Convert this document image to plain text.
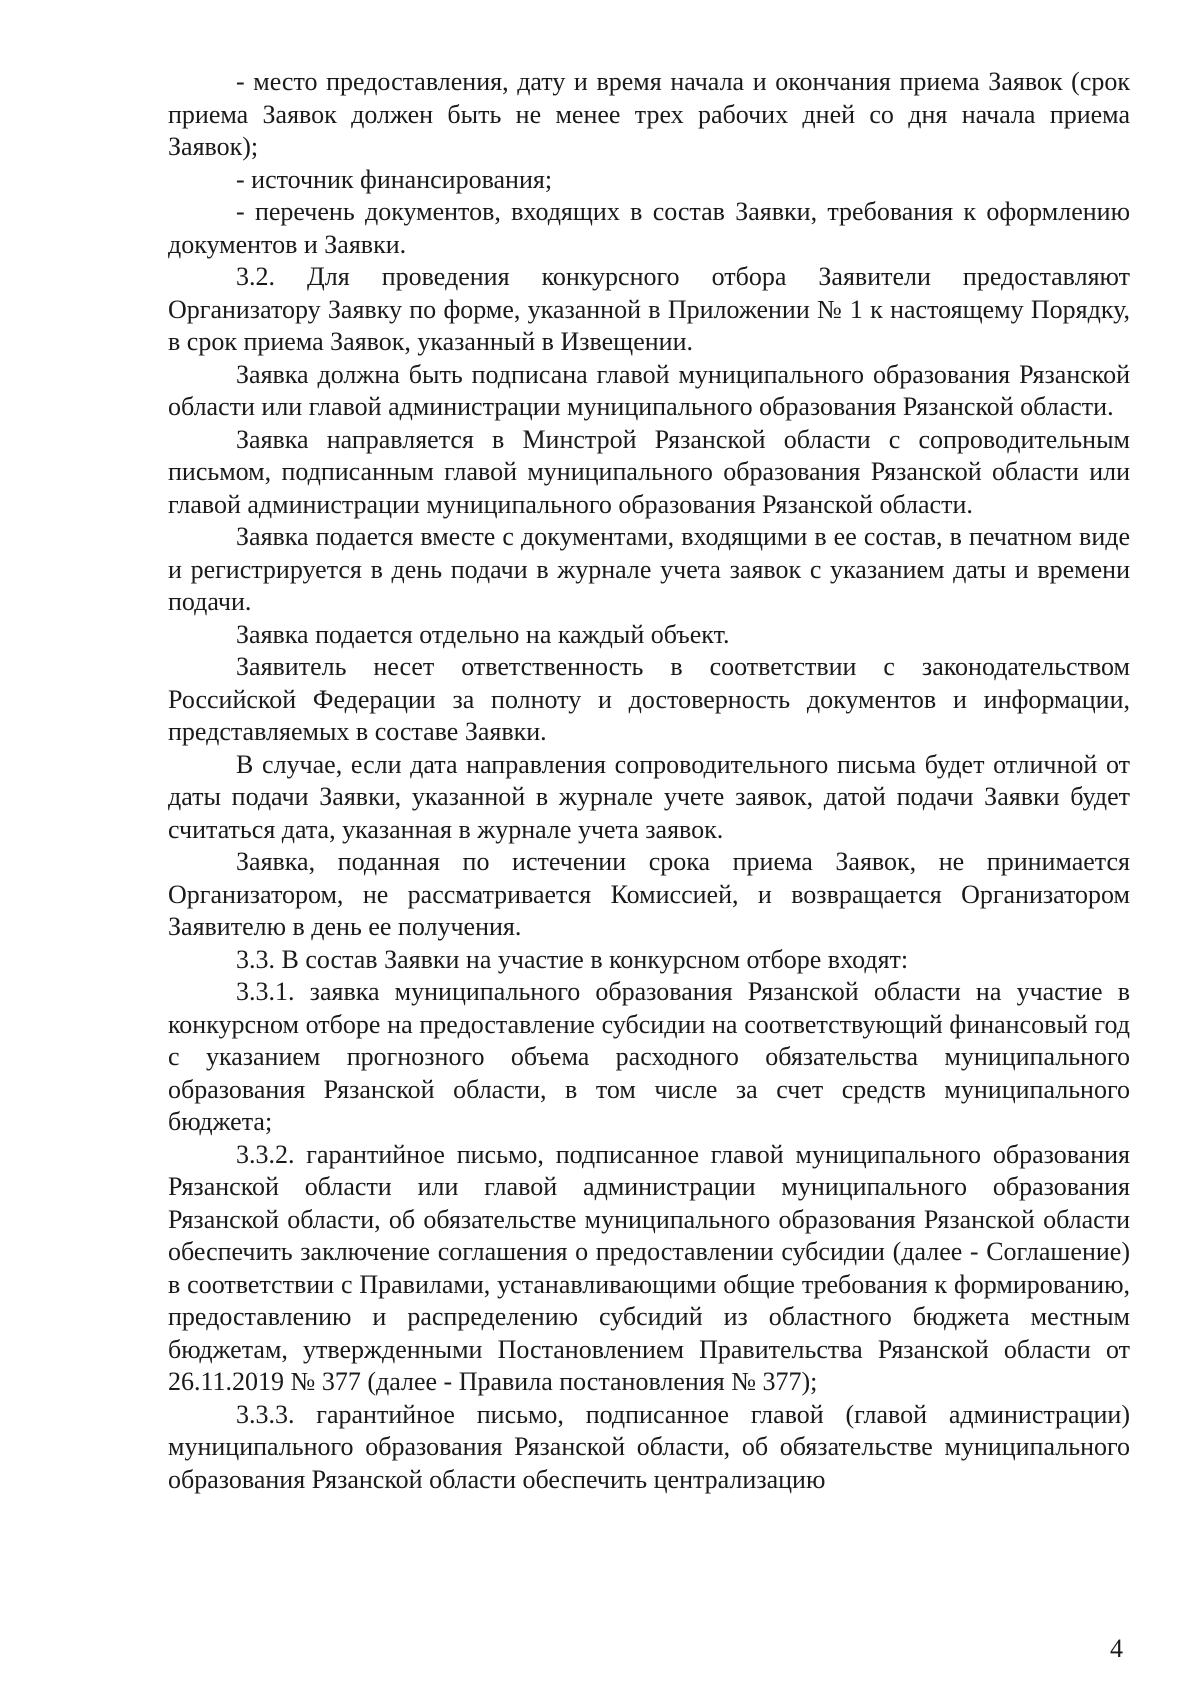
- место предоставления, дату и время начала и окончания приема Заявок (срок приема Заявок должен быть не менее трех рабочих дней со дня начала приема Заявок);

- источник финансирования;

- перечень документов, входящих в состав Заявки, требования к оформлению документов и Заявки.

3.2. Для проведения конкурсного отбора Заявители предоставляют Организатору Заявку по форме, указанной в Приложении № 1 к настоящему Порядку, в срок приема Заявок, указанный в Извещении.

Заявка должна быть подписана главой муниципального образования Рязанской области или главой администрации муниципального образования Рязанской области.

Заявка направляется в Минстрой Рязанской области с сопроводительным письмом, подписанным главой муниципального образования Рязанской области или главой администрации муниципального образования Рязанской области.

Заявка подается вместе с документами, входящими в ее состав, в печатном виде и регистрируется в день подачи в журнале учета заявок с указанием даты и времени подачи.

Заявка подается отдельно на каждый объект.

Заявитель несет ответственность в соответствии с законодательством Российской Федерации за полноту и достоверность документов и информации, представляемых в составе Заявки.

В случае, если дата направления сопроводительного письма будет отличной от даты подачи Заявки, указанной в журнале учете заявок, датой подачи Заявки будет считаться дата, указанная в журнале учета заявок.

Заявка, поданная по истечении срока приема Заявок, не принимается Организатором, не рассматривается Комиссией, и возвращается Организатором Заявителю в день ее получения.

3.3. В состав Заявки на участие в конкурсном отборе входят:

3.3.1. заявка муниципального образования Рязанской области на участие в конкурсном отборе на предоставление субсидии на соответствующий финансовый год с указанием прогнозного объема расходного обязательства муниципального образования Рязанской области, в том числе за счет средств муниципального бюджета;

3.3.2. гарантийное письмо, подписанное главой муниципального образования Рязанской области или главой администрации муниципального образования Рязанской области, об обязательстве муниципального образования Рязанской области обеспечить заключение соглашения о предоставлении субсидии (далее - Соглашение) в соответствии с Правилами, устанавливающими общие требования к формированию, предоставлению и распределению субсидий из областного бюджета местным бюджетам, утвержденными Постановлением Правительства Рязанской области от 26.11.2019 № 377 (далее - Правила постановления № 377);

3.3.3. гарантийное письмо, подписанное главой (главой администрации) муниципального образования Рязанской области, об обязательстве муниципального образования Рязанской области обеспечить централизацию

4
